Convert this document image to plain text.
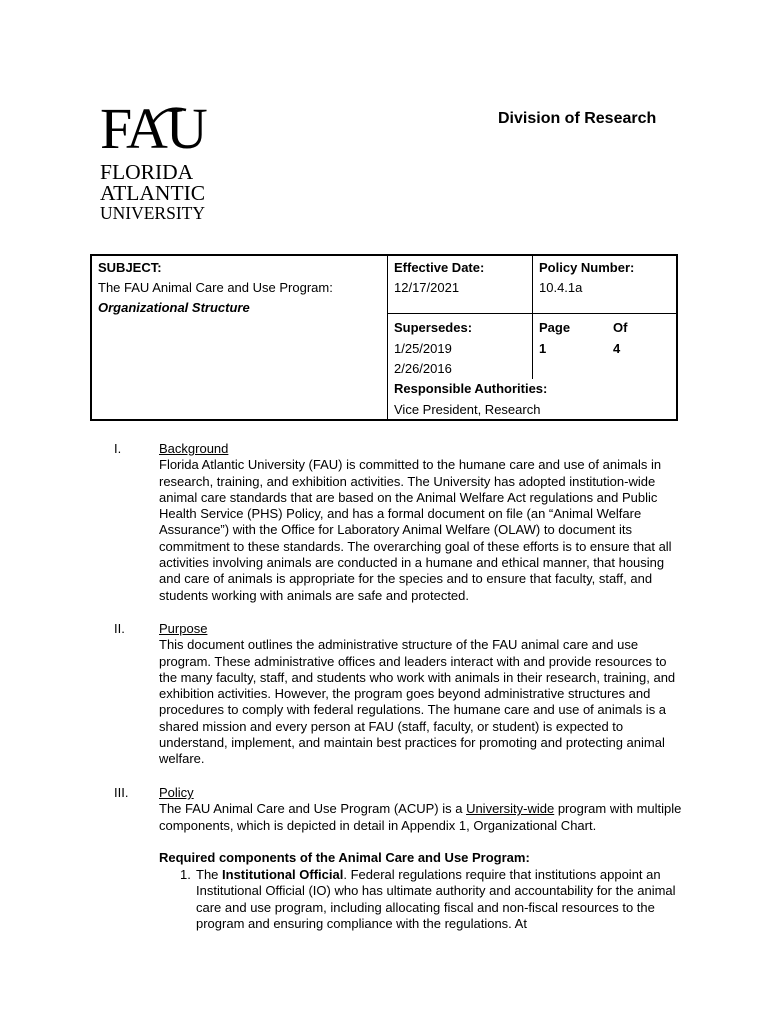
FAU
FLORIDA
ATLANTIC
UNIVERSITY
Division of Research
SUBJECT:
The FAU Animal Care and Use Program:
Organizational Structure
Effective Date:
12/17/2021
Policy Number:
10.4.1a
Supersedes:
1/25/2019
2/26/2016
Page	Of
1	4
Responsible Authorities:
Vice President, Research
I.	Background
Florida Atlantic University (FAU) is committed to the humane care and use of animals in research, training, and exhibition activities. The University has adopted institution-wide animal care standards that are based on the Animal Welfare Act regulations and Public Health Service (PHS) Policy, and has a formal document on file (an “Animal Welfare Assurance”) with the Office for Laboratory Animal Welfare (OLAW) to document its commitment to these standards. The overarching goal of these efforts is to ensure that all activities involving animals are conducted in a humane and ethical manner, that housing and care of animals is appropriate for the species and to ensure that faculty, staff, and students working with animals are safe and protected.
II.	Purpose
This document outlines the administrative structure of the FAU animal care and use program. These administrative offices and leaders interact with and provide resources to the many faculty, staff, and students who work with animals in their research, training, and exhibition activities. However, the program goes beyond administrative structures and procedures to comply with federal regulations. The humane care and use of animals is a shared mission and every person at FAU (staff, faculty, or student) is expected to understand, implement, and maintain best practices for promoting and protecting animal welfare.
III. Policy
The FAU Animal Care and Use Program (ACUP) is a University-wide program with multiple components, which is depicted in detail in Appendix 1, Organizational Chart.
Required components of the Animal Care and Use Program:
1. The Institutional Official. Federal regulations require that institutions appoint an Institutional Official (IO) who has ultimate authority and accountability for the animal care and use program, including allocating fiscal and non-fiscal resources to the program and ensuring compliance with the regulations. At
